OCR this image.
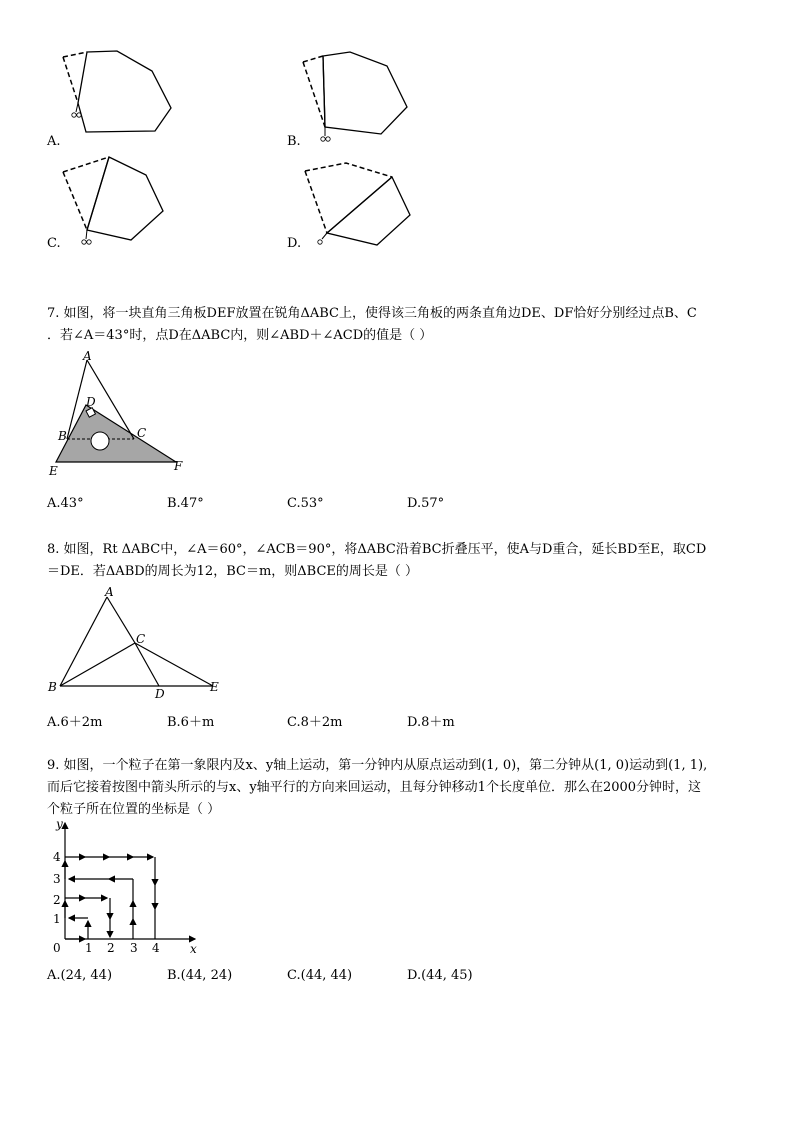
A.	B.
C.	D.

7. 如图，将一块直角三角板DEF放置在锐角ΔABC上，使得该三角板的两条直角边DE、DF恰好分别经过点B、C

．若∠A＝43°时，点D在ΔABC内，则∠ABD＋∠ACD的值是（ ）

A
D
B	C
E	F
A.43°	B.47°	C.53°	D.57°

8. 如图，Rt ΔABC中，∠A＝60°，∠ACB＝90°，将ΔABC沿着BC折叠压平，使A与D重合，延长BD至E，取CD

＝DE．若ΔABD的周长为12，BC＝m，则ΔBCE的周长是（ ）

A
C
B	D	E
A.6＋2m	B.6＋m	C.8＋2m	D.8＋m

9. 如图，一个粒子在第一象限内及x、y轴上运动，第一分钟内从原点运动到(1, 0)，第二分钟从(1, 0)运动到(1, 1),

而后它接着按图中箭头所示的与x、y轴平行的方向来回运动，且每分钟移动1个长度单位．那么在2000分钟时，这

个粒子所在位置的坐标是（ ）

y
x
0 1 2 3 4
1
2
3
4
A.(24, 44)	B.(44, 24)	C.(44, 44)	D.(44, 45)
